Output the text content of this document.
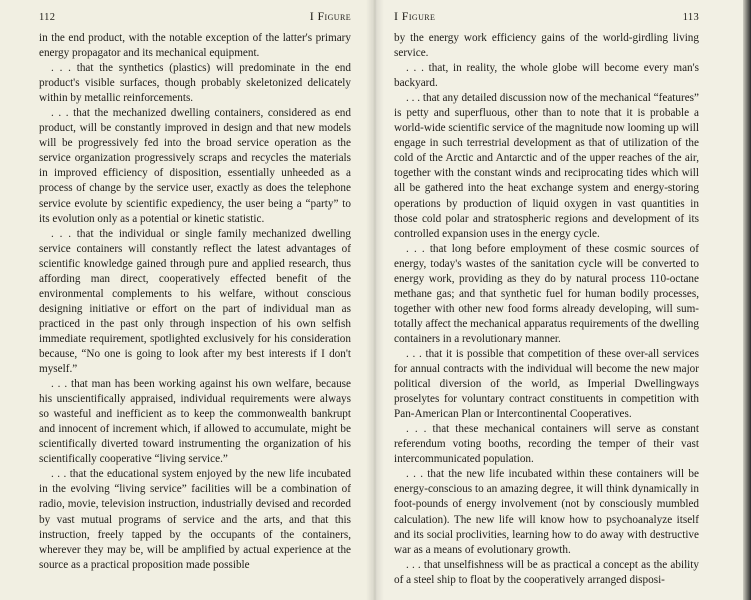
112	I Figure

in the end product, with the notable exception of the latter's primary energy propagator and its mechanical equipment.

. . . that the synthetics (plastics) will predominate in the end product's visible surfaces, though probably skeletonized delicately within by metallic reinforcements.

. . . that the mechanized dwelling containers, considered as end product, will be constantly improved in design and that new models will be progressively fed into the broad service operation as the service organization progressively scraps and recycles the materials in improved efficiency of disposition, essentially unheeded as a process of change by the service user, exactly as does the telephone service evolute by scientific expediency, the user being a “party” to its evolution only as a potential or kinetic statistic.

. . . that the individual or single family mechanized dwelling service containers will constantly reflect the latest advantages of scientific knowledge gained through pure and applied research, thus affording man direct, cooperatively effected benefit of the environmental complements to his welfare, without conscious designing initiative or effort on the part of individual man as practiced in the past only through inspection of his own selfish immediate requirement, spotlighted exclusively for his consideration because, “No one is going to look after my best interests if I don't myself.”

. . . that man has been working against his own welfare, because his unscientifically appraised, individual requirements were always so wasteful and inefficient as to keep the commonwealth bankrupt and innocent of increment which, if allowed to accumulate, might be scientifically diverted toward instrumenting the organization of his scientifically cooperative “living service.”

. . . that the educational system enjoyed by the new life incubated in the evolving “living service” facilities will be a combination of radio, movie, television instruction, industrially devised and recorded by vast mutual programs of service and the arts, and that this instruction, freely tapped by the occupants of the containers, wherever they may be, will be amplified by actual experience at the source as a practical proposition made possible

I Figure	113

by the energy work efficiency gains of the world-girdling living service.

. . . that, in reality, the whole globe will become every man's backyard.

. . . that any detailed discussion now of the mechanical “features” is petty and superfluous, other than to note that it is probable a world-wide scientific service of the magnitude now looming up will engage in such terrestrial development as that of utilization of the cold of the Arctic and Antarctic and of the upper reaches of the air, together with the constant winds and reciprocating tides which will all be gathered into the heat exchange system and energy-storing operations by production of liquid oxygen in vast quantities in those cold polar and stratospheric regions and development of its controlled expansion uses in the energy cycle.

. . . that long before employment of these cosmic sources of energy, today's wastes of the sanitation cycle will be converted to energy work, providing as they do by natural process 110-octane methane gas; and that synthetic fuel for human bodily processes, together with other new food forms already developing, will sum-totally affect the mechanical apparatus requirements of the dwelling containers in a revolutionary manner.

. . . that it is possible that competition of these over-all services for annual contracts with the individual will become the new major political diversion of the world, as Imperial Dwellingways proselytes for voluntary contract constituents in competition with Pan-American Plan or Intercontinental Cooperatives.

. . . that these mechanical containers will serve as constant referendum voting booths, recording the temper of their vast intercommunicated population.

. . . that the new life incubated within these containers will be energy-conscious to an amazing degree, it will think dynamically in foot-pounds of energy involvement (not by consciously mumbled calculation). The new life will know how to psychoanalyze itself and its social proclivities, learning how to do away with destructive war as a means of evolutionary growth.

. . . that unselfishness will be as practical a concept as the ability of a steel ship to float by the cooperatively arranged disposi-
